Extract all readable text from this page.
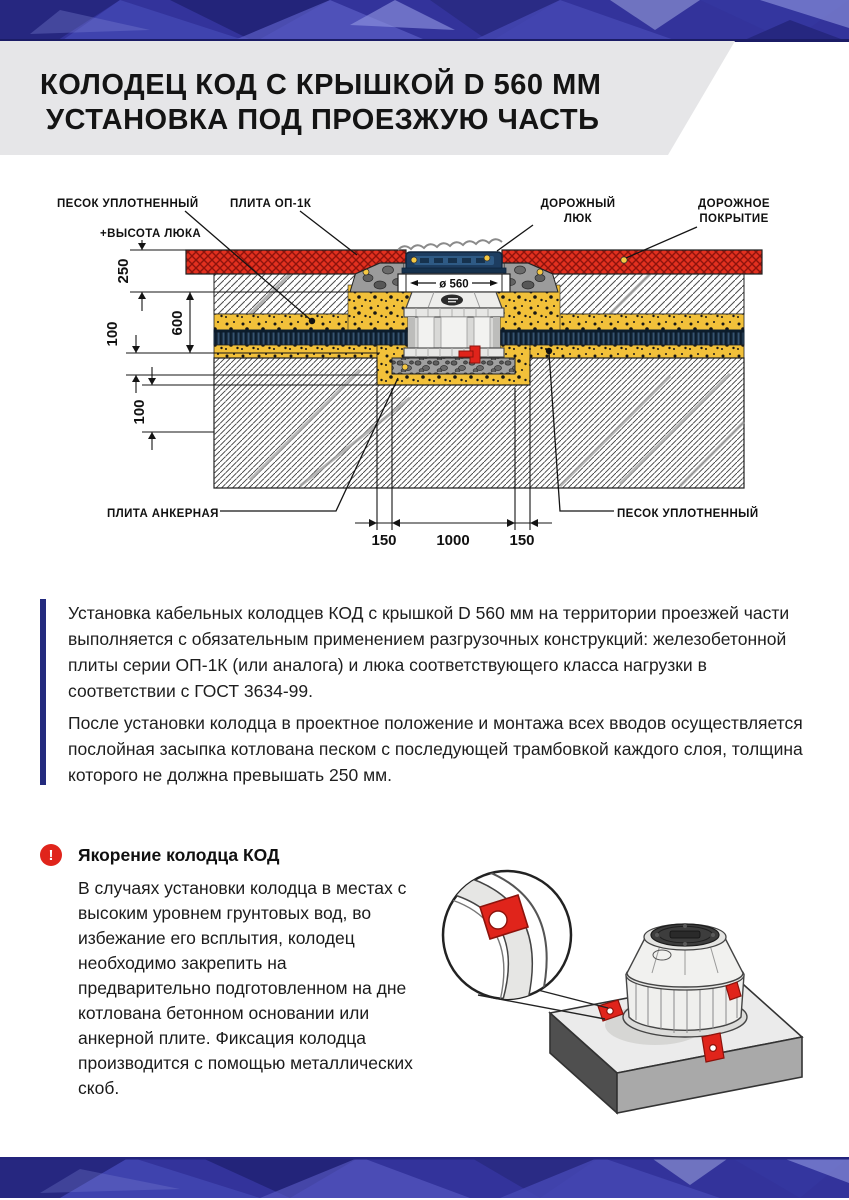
КОЛОДЕЦ КОД С КРЫШКОЙ D 560 ММ
УСТАНОВКА ПОД ПРОЕЗЖУЮ ЧАСТЬ
ø 560
ПЕСОК УПЛОТНЕННЫЙ	ПЛИТА ОП-1К	ДОРОЖНЫЙ
ЛЮК
ДОРОЖНОЕ
ПОКРЫТИЕ
+ВЫСОТА ЛЮКА
ПЛИТА АНКЕРНАЯ	ПЕСОК УПЛОТНЕННЫЙ
250
600
100
100
150	1000	150
Установка кабельных колодцев КОД с крышкой D 560 мм на территории проезжей части выполняется с обязательным применением разгрузочных конструкций: железобетонной плиты серии ОП-1К (или аналога) и люка соответствующего класса нагрузки в соответствии с ГОСТ 3634-99.
После установки колодца в проектное положение и монтажа всех вводов осуществляется послойная засыпка котлована песком с последующей трамбовкой каждого слоя, толщина которого не должна превышать 250 мм.
! Якорение колодца КОД
В случаях установки колодца в местах с высоким уровнем грунтовых вод, во избежание его всплытия, колодец необходимо закрепить на предварительно подготовленном на дне котлована бетонном основании или анкерной плите. Фиксация колодца производится с помощью металлических скоб.
